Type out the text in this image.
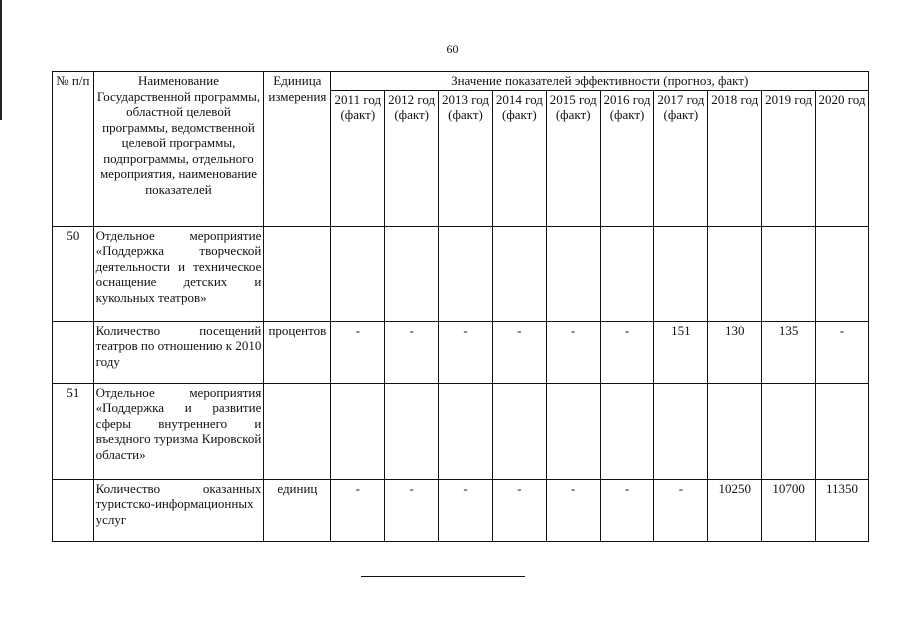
60
№ п/п	Наименование Государственной программы, областной целевой программы, ведомственной целевой программы, подпрограммы, отдельного мероприятия, наименование показателей	Единица измерения	Значение показателей эффективности (прогноз, факт)									
			2011 год (факт)	2012 год (факт)	2013 год (факт)	2014 год (факт)	2015 год (факт)	2016 год (факт)	2017 год (факт)	2018 год	2019 год	2020 год
50	Отдельное мероприятие «Поддержка творческой деятельности и техническое оснащение детских и кукольных театров»											
	Количество посещений театров по отношению к 2010 году	процентов	-	-	-	-	-	-	151	130	135	-
51	Отдельное мероприятия «Поддержка и развитие сферы внутреннего и въездного туризма Кировской области»											
	Количество оказанных туристско-информационных услуг	единиц	-	-	-	-	-	-	-	10250	10700	11350
